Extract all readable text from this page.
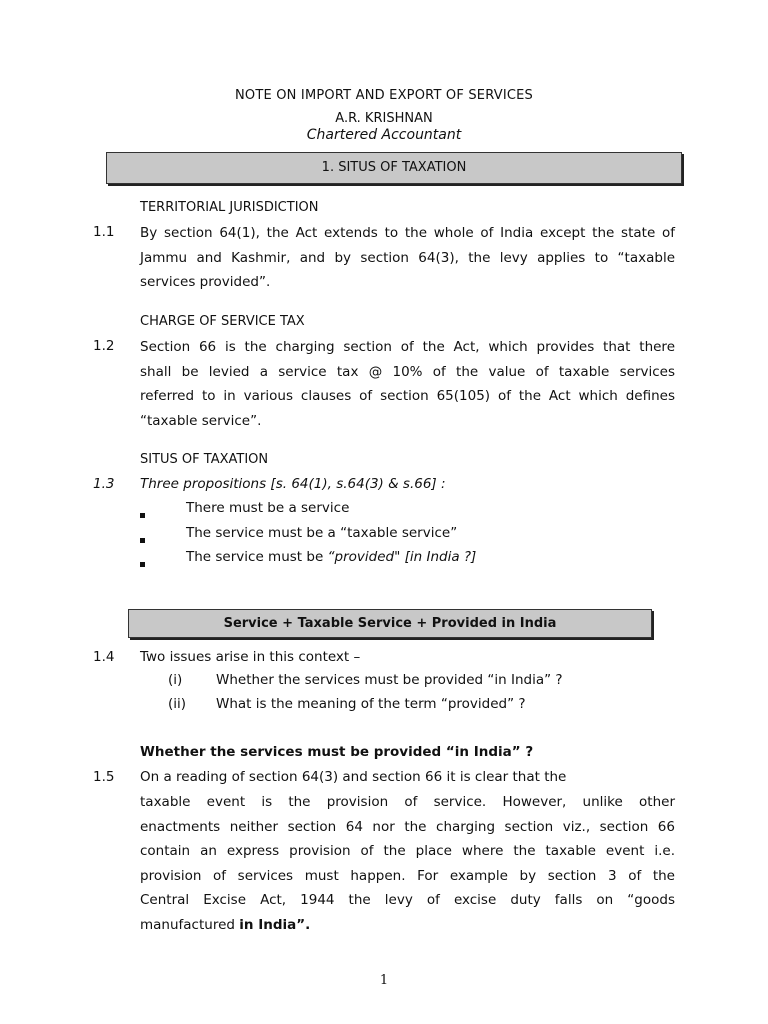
NOTE ON IMPORT AND EXPORT OF SERVICES
A.R. KRISHNAN
Chartered Accountant
1. SITUS OF TAXATION
TERRITORIAL JURISDICTION
1.1 By section 64(1), the Act extends to the whole of India except the state of
Jammu and Kashmir, and by section 64(3), the levy applies to “taxable
services provided”.
CHARGE OF SERVICE TAX
1.2 Section 66 is the charging section of the Act, which provides that there
shall be levied a service tax @ 10% of the value of taxable services
referred to in various clauses of section 65(105) of the Act which defines
“taxable service”.
SITUS OF TAXATION
1.3 Three propositions [s. 64(1), s.64(3) & s.66] :
There must be a service
The service must be a “taxable service”
The service must be “provided" [in India ?]
Service + Taxable Service + Provided in India
1.4 Two issues arise in this context –
(i) Whether the services must be provided “in India” ?
(ii) What is the meaning of the term “provided” ?
Whether the services must be provided “in India” ?
1.5 On a reading of section 64(3) and section 66 it is clear that the
taxable event is the provision of service. However, unlike other
enactments neither section 64 nor the charging section viz., section 66
contain an express provision of the place where the taxable event i.e.
provision of services must happen. For example by section 3 of the
Central Excise Act, 1944 the levy of excise duty falls on “goods
manufactured in India”.
1
